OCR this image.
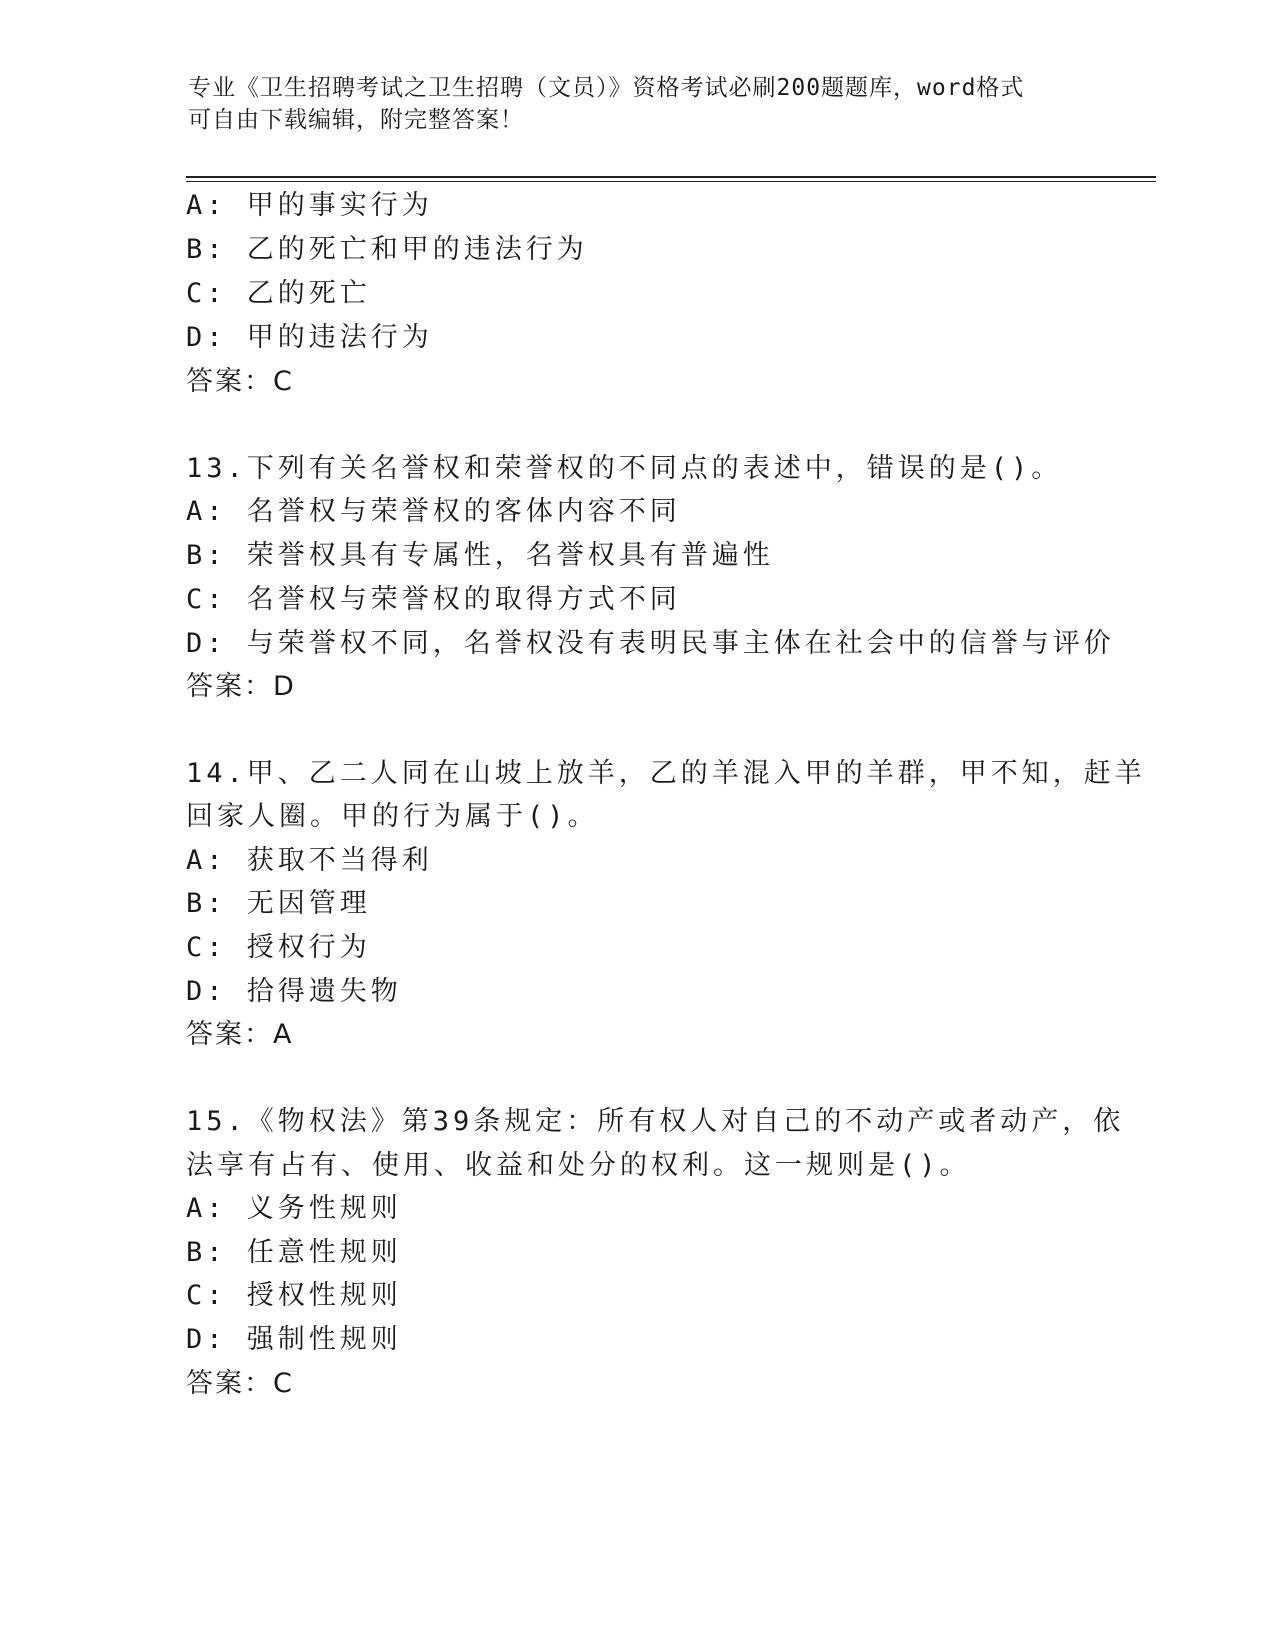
专业《卫生招聘考试之卫生招聘（文员）》资格考试必刷200题题库，word格式
可自由下载编辑，附完整答案！
A: 甲的事实行为
B: 乙的死亡和甲的违法行为
C: 乙的死亡
D: 甲的违法行为
答案：C
13.下列有关名誉权和荣誉权的不同点的表述中，错误的是()。
A: 名誉权与荣誉权的客体内容不同
B: 荣誉权具有专属性，名誉权具有普遍性
C: 名誉权与荣誉权的取得方式不同
D: 与荣誉权不同，名誉权没有表明民事主体在社会中的信誉与评价
答案：D
14.甲、乙二人同在山坡上放羊，乙的羊混入甲的羊群，甲不知，赶羊
回家人圈。甲的行为属于()。
A: 获取不当得利
B: 无因管理
C: 授权行为
D: 拾得遗失物
答案：A
15.《物权法》第39条规定：所有权人对自己的不动产或者动产，依
法享有占有、使用、收益和处分的权利。这一规则是()。
A: 义务性规则
B: 任意性规则
C: 授权性规则
D: 强制性规则
答案：C
